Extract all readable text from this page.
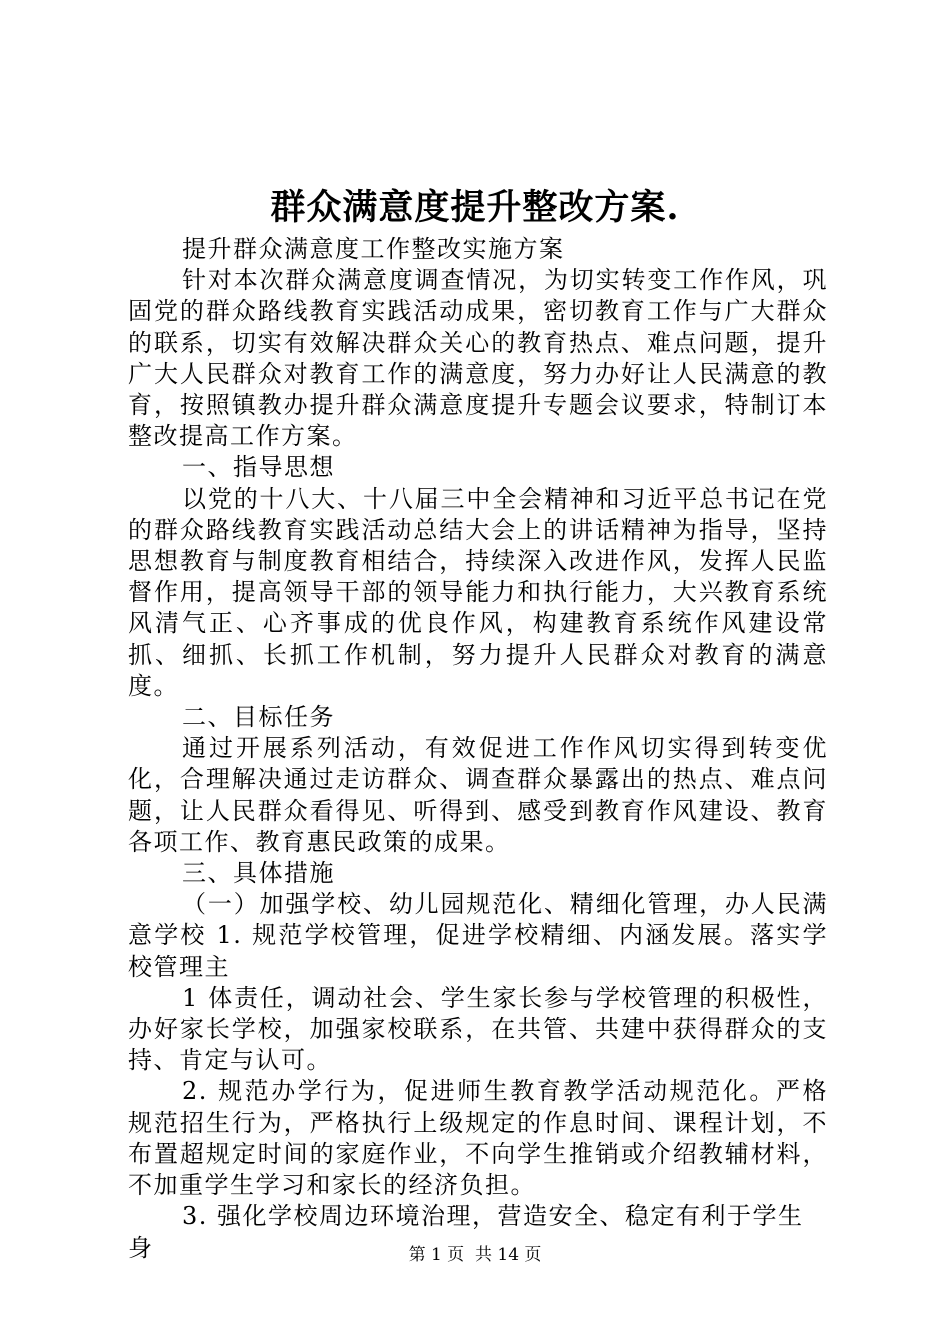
群众满意度提升整改方案.

提升群众满意度工作整改实施方案

针对本次群众满意度调查情况，为切实转变工作作风，巩固党的群众路线教育实践活动成果，密切教育工作与广大群众的联系，切实有效解决群众关心的教育热点、难点问题，提升广大人民群众对教育工作的满意度，努力办好让人民满意的教育，按照镇教办提升群众满意度提升专题会议要求，特制订本整改提高工作方案。

一、指导思想

以党的十八大、十八届三中全会精神和习近平总书记在党的群众路线教育实践活动总结大会上的讲话精神为指导，坚持思想教育与制度教育相结合，持续深入改进作风，发挥人民监督作用，提高领导干部的领导能力和执行能力，大兴教育系统风清气正、心齐事成的优良作风，构建教育系统作风建设常抓、细抓、长抓工作机制，努力提升人民群众对教育的满意度。

二、目标任务

通过开展系列活动，有效促进工作作风切实得到转变优化，合理解决通过走访群众、调查群众暴露出的热点、难点问题，让人民群众看得见、听得到、感受到教育作风建设、教育各项工作、教育惠民政策的成果。

三、具体措施

（一）加强学校、幼儿园规范化、精细化管理，办人民满意学校 1. 规范学校管理，促进学校精细、内涵发展。落实学校管理主

1 体责任，调动社会、学生家长参与学校管理的积极性，办好家长学校，加强家校联系，在共管、共建中获得群众的支持、肯定与认可。

2. 规范办学行为，促进师生教育教学活动规范化。严格规范招生行为，严格执行上级规定的作息时间、课程计划，不布置超规定时间的家庭作业，不向学生推销或介绍教辅材料，不加重学生学习和家长的经济负担。

3. 强化学校周边环境治理，营造安全、稳定有利于学生身	第 1 页  共 14 页
